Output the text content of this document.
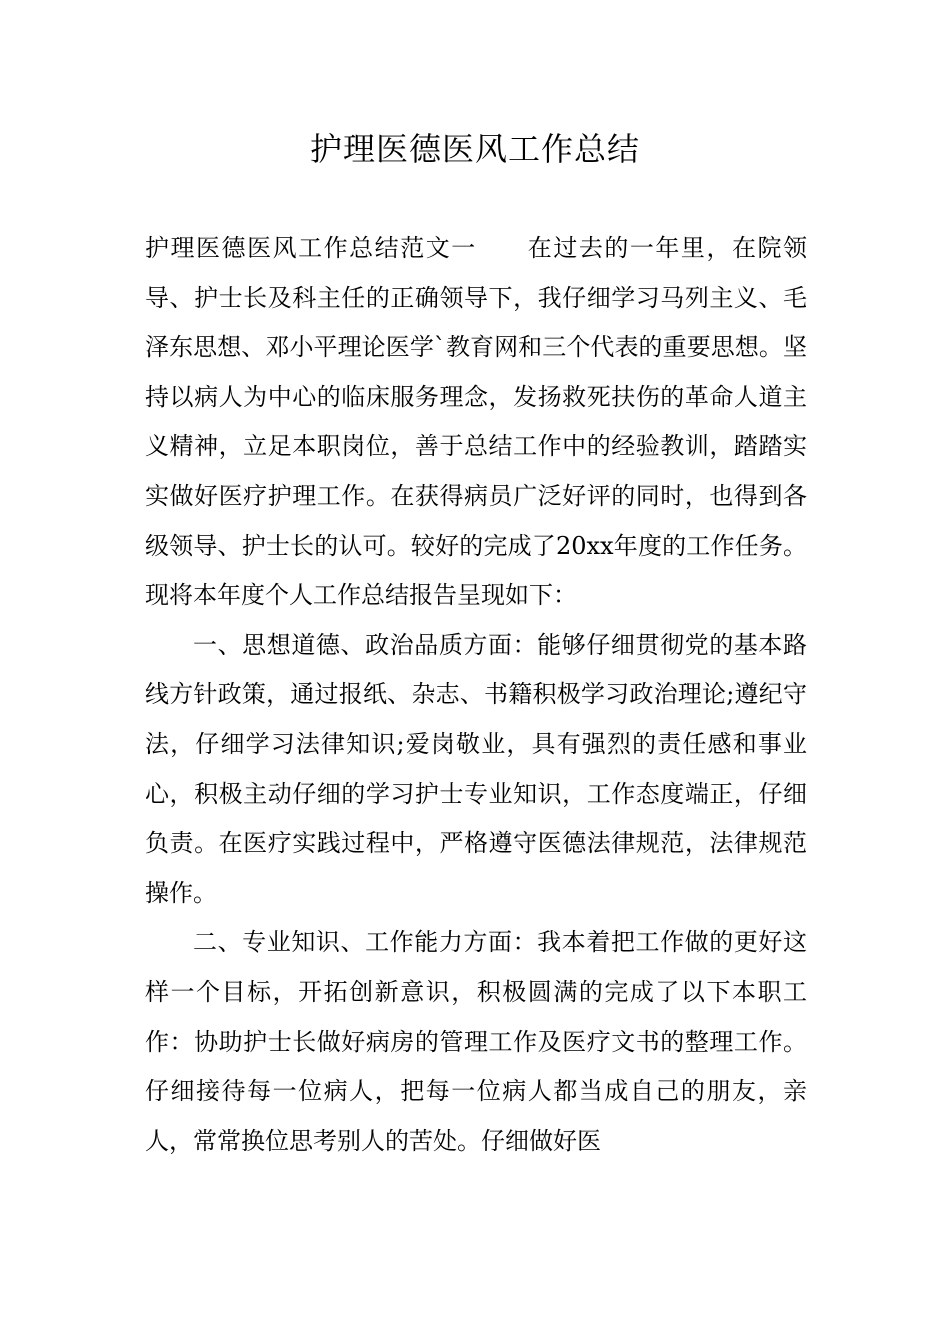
护理医德医风工作总结

护理医德医风工作总结范文一　　在过去的一年里，在院领导、护士长及科主任的正确领导下，我仔细学习马列主义、毛泽东思想、邓小平理论医学`教育网和三个代表的重要思想。坚持以病人为中心的临床服务理念，发扬救死扶伤的革命人道主义精神，立足本职岗位，善于总结工作中的经验教训，踏踏实实做好医疗护理工作。在获得病员广泛好评的同时，也得到各级领导、护士长的认可。较好的完成了20xx年度的工作任务。现将本年度个人工作总结报告呈现如下：

一、思想道德、政治品质方面：能够仔细贯彻党的基本路线方针政策，通过报纸、杂志、书籍积极学习政治理论;遵纪守法，仔细学习法律知识;爱岗敬业，具有强烈的责任感和事业心，积极主动仔细的学习护士专业知识，工作态度端正，仔细负责。在医疗实践过程中，严格遵守医德法律规范，法律规范操作。

二、专业知识、工作能力方面：我本着把工作做的更好这样一个目标，开拓创新意识，积极圆满的完成了以下本职工作：协助护士长做好病房的管理工作及医疗文书的整理工作。仔细接待每一位病人，把每一位病人都当成自己的朋友，亲人，常常换位思考别人的苦处。仔细做好医
